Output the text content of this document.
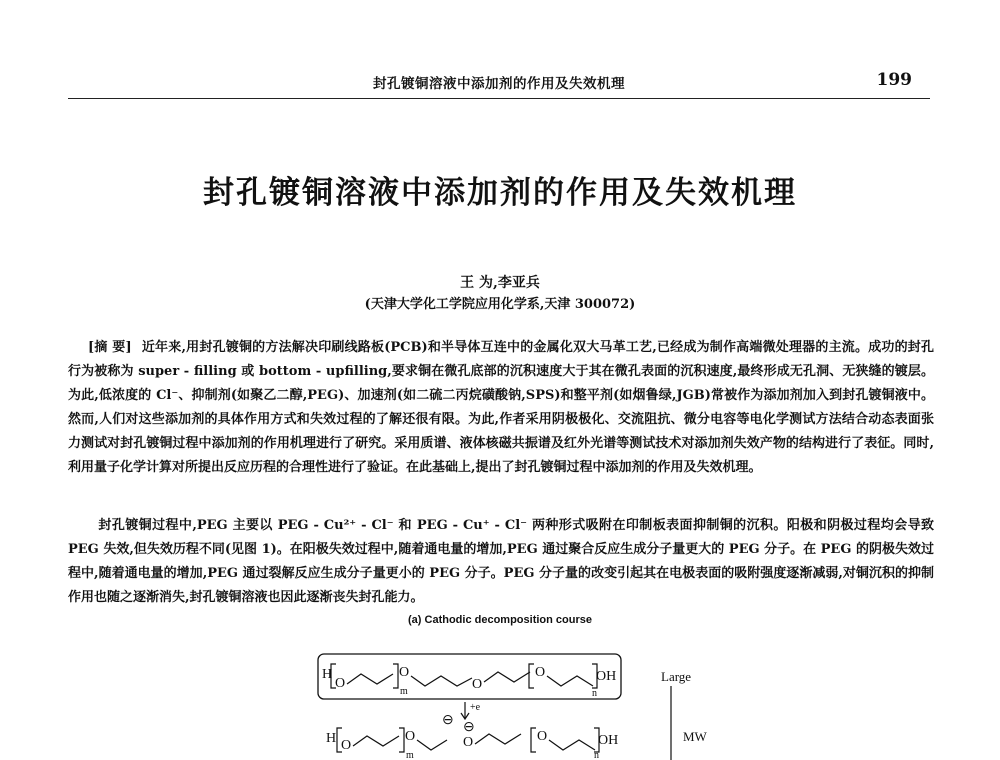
封孔镀铜溶液中添加剂的作用及失效机理	199
封孔镀铜溶液中添加剂的作用及失效机理
王 为,李亚兵
(天津大学化工学院应用化学系,天津 300072)
[摘 要] 近年来,用封孔镀铜的方法解决印刷线路板(PCB)和半导体互连中的金属化双大马革工艺,已经成为制作高端微处理器的主流。成功的封孔行为被称为 super - filling 或 bottom - upfilling,要求铜在微孔底部的沉积速度大于其在微孔表面的沉积速度,最终形成无孔洞、无狭缝的镀层。为此,低浓度的 Cl⁻、抑制剂(如聚乙二醇,PEG)、加速剂(如二硫二丙烷磺酸钠,SPS)和整平剂(如烟鲁绿,JGB)常被作为添加剂加入到封孔镀铜液中。然而,人们对这些添加剂的具体作用方式和失效过程的了解还很有限。为此,作者采用阴极极化、交流阻抗、微分电容等电化学测试方法结合动态表面张力测试对封孔镀铜过程中添加剂的作用机理进行了研究。采用质谱、液体核磁共振谱及红外光谱等测试技术对添加剂失效产物的结构进行了表征。同时,利用量子化学计算对所提出反应历程的合理性进行了验证。在此基础上,提出了封孔镀铜过程中添加剂的作用及失效机理。
封孔镀铜过程中,PEG 主要以 PEG - Cu²⁺ - Cl⁻ 和 PEG - Cu⁺ - Cl⁻ 两种形式吸附在印制板表面抑制铜的沉积。阳极和阴极过程均会导致 PEG 失效,但失效历程不同(见图 1)。在阳极失效过程中,随着通电量的增加,PEG 通过聚合反应生成分子量更大的 PEG 分子。在 PEG 的阴极失效过程中,随着通电量的增加,PEG 通过裂解反应生成分子量更小的 PEG 分子。PEG 分子量的改变引起其在电极表面的吸附强度逐渐减弱,对铜沉积的抑制作用也随之逐渐消失,封孔镀铜溶液也因此逐渐丧失封孔能力。
(a) Cathodic decomposition course
H
O
m
O
O
O
n
OH
+e
H O
m
O
⊖ ⊖
O	O
n
OH
Large
MW
